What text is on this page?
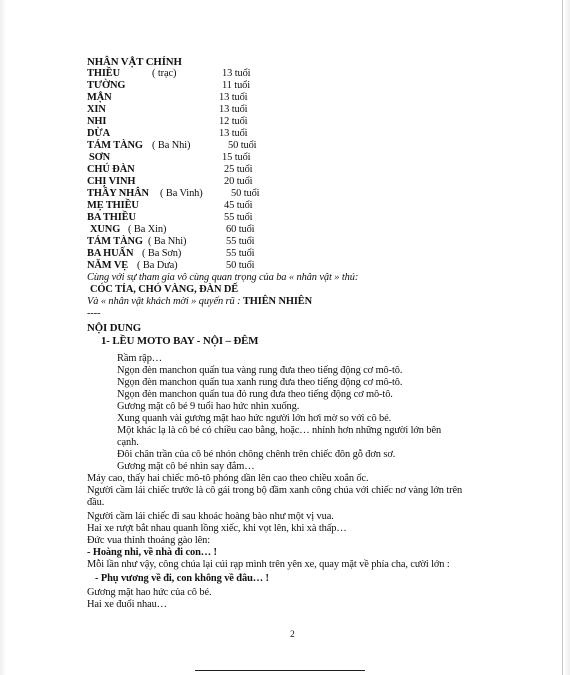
NHÂN VẬT CHÍNH
THIỀU	( trạc)	13 tuổi
TƯỜNG	11 tuổi
MẬN	13 tuổi
XIN	13 tuổi
NHI	12 tuổi
DỪA	13 tuổi
TÁM TÀNG ( Ba Nhi)	50 tuổi
SƠN	15 tuổi
CHÚ ĐÀN	25 tuổi
CHỊ VINH	20 tuổi
THẦY NHÂN ( Ba Vinh)	50 tuổi
MẸ THIỀU	45 tuổi
BA THIỀU	55 tuổi
XUNG ( Ba Xin)	60 tuổi
TÁM TÀNG ( Ba Nhi)	55 tuổi
BA HUẤN ( Ba Sơn)	55 tuổi
NĂM VẸ ( Ba Dưa)	50 tuổi
Cùng với sự tham gia vô cùng quan trọng của ba « nhân vật » thú:
CÓC TÍA, CHÓ VÀNG, ĐÀN DẾ
Và « nhân vật khách mời » quyến rũ : THIÊN NHIÊN
----
NỘI DUNG
1- LỀU MOTO BAY - NỘI – ĐÊM
Rầm rập…
Ngọn đèn manchon quấn tua vàng rung đưa theo tiếng động cơ mô-tô.
Ngọn đèn manchon quấn tua xanh rung đưa theo tiếng động cơ mô-tô.
Ngọn đèn manchon quấn tua đỏ rung đưa theo tiếng động cơ mô-tô.
Gương mặt cô bé 9 tuổi hao hức nhìn xuống.
Xung quanh vài gương mặt hao hức người lớn hơi mờ so với cô bé.
Một khác lạ là cô bé có chiều cao bằng, hoặc… nhỉnh hơn những người lớn bên
cạnh.
Đôi chân trần của cô bé nhón chông chênh trên chiếc đôn gỗ đơn sơ.
Gương mặt cô bé nhìn say đắm…
Máy cao, thấy hai chiếc mô-tô phóng dần lên cao theo chiều xoắn ốc.
Người cầm lái chiếc trước là cô gái trong bộ đầm xanh công chúa với chiếc nơ vàng lớn trên
đầu.
Người cầm lái chiếc đi sau khoác hoàng bào như một vị vua.
Hai xe rượt bắt nhau quanh lồng xiếc, khi vọt lên, khi xà thấp…
Đức vua thỉnh thoảng gào lên:
- Hoàng nhi, về nhà đi con… !
Mỗi lần như vậy, công chúa lại cúi rạp mình trên yên xe, quay mặt về phía cha, cười lớn :
- Phụ vương về đi, con không về đâu… !
Gương mặt hao hức của cô bé.
Hai xe đuổi nhau…
2
